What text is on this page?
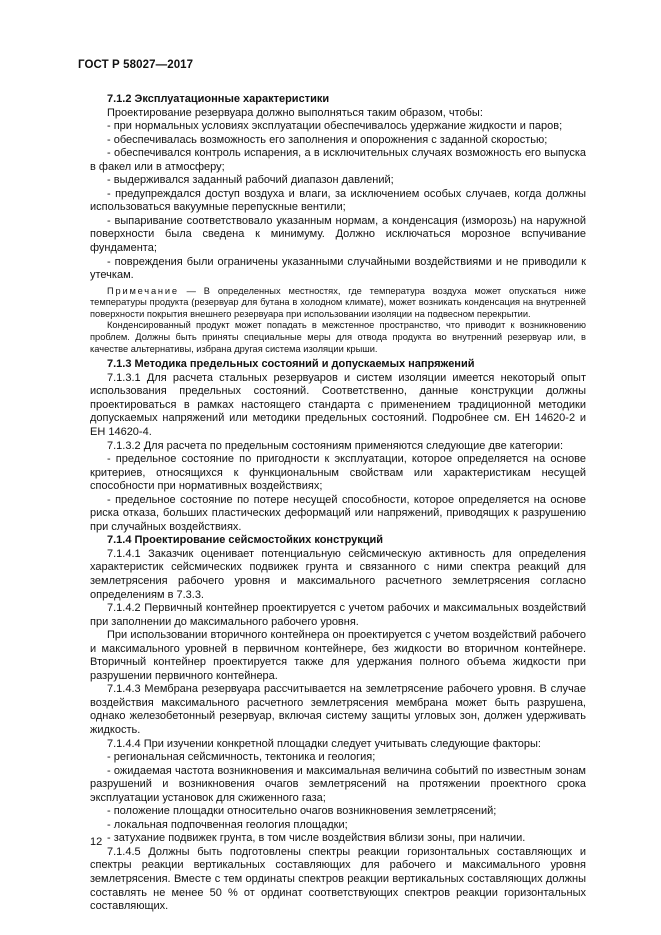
ГОСТ Р 58027—2017

7.1.2 Эксплуатационные характеристики

Проектирование резервуара должно выполняться таким образом, чтобы:

- при нормальных условиях эксплуатации обеспечивалось удержание жидкости и паров;

- обеспечивалась возможность его заполнения и опорожнения с заданной скоростью;

- обеспечивался контроль испарения, а в исключительных случаях возможность его выпуска в факел или в атмосферу;

- выдерживался заданный рабочий диапазон давлений;

- предупреждался доступ воздуха и влаги, за исключением особых случаев, когда должны использоваться вакуумные перепускные вентили;

- выпаривание соответствовало указанным нормам, а конденсация (изморозь) на наружной поверхности была сведена к минимуму. Должно исключаться морозное вспучивание фундамента;

- повреждения были ограничены указанными случайными воздействиями и не приводили к утечкам.

Примечание — В определенных местностях, где температура воздуха может опускаться ниже температуры продукта (резервуар для бутана в холодном климате), может возникать конденсация на внутренней поверхности покрытия внешнего резервуара при использовании изоляции на подвесном перекрытии.

Конденсированный продукт может попадать в межстенное пространство, что приводит к возникновению проблем. Должны быть приняты специальные меры для отвода продукта во внутренний резервуар или, в качестве альтернативы, избрана другая система изоляции крыши.

7.1.3 Методика предельных состояний и допускаемых напряжений

7.1.3.1 Для расчета стальных резервуаров и систем изоляции имеется некоторый опыт использования предельных состояний. Соответственно, данные конструкции должны проектироваться в рамках настоящего стандарта с применением традиционной методики допускаемых напряжений или методики предельных состояний. Подробнее см. ЕН 14620-2 и ЕН 14620-4.

7.1.3.2 Для расчета по предельным состояниям применяются следующие две категории:

- предельное состояние по пригодности к эксплуатации, которое определяется на основе критериев, относящихся к функциональным свойствам или характеристикам несущей способности при нормативных воздействиях;

- предельное состояние по потере несущей способности, которое определяется на основе риска отказа, больших пластических деформаций или напряжений, приводящих к разрушению при случайных воздействиях.

7.1.4 Проектирование сейсмостойких конструкций

7.1.4.1 Заказчик оценивает потенциальную сейсмическую активность для определения характеристик сейсмических подвижек грунта и связанного с ними спектра реакций для землетрясения рабочего уровня и максимального расчетного землетрясения согласно определениям в 7.3.3.

7.1.4.2 Первичный контейнер проектируется с учетом рабочих и максимальных воздействий при заполнении до максимального рабочего уровня.

При использовании вторичного контейнера он проектируется с учетом воздействий рабочего и максимального уровней в первичном контейнере, без жидкости во вторичном контейнере. Вторичный контейнер проектируется также для удержания полного объема жидкости при разрушении первичного контейнера.

7.1.4.3 Мембрана резервуара рассчитывается на землетрясение рабочего уровня. В случае воздействия максимального расчетного землетрясения мембрана может быть разрушена, однако железобетонный резервуар, включая систему защиты угловых зон, должен удерживать жидкость.

7.1.4.4 При изучении конкретной площадки следует учитывать следующие факторы:

- региональная сейсмичность, тектоника и геология;

- ожидаемая частота возникновения и максимальная величина событий по известным зонам разрушений и возникновения очагов землетрясений на протяжении проектного срока эксплуатации установок для сжиженного газа;

- положение площадки относительно очагов возникновения землетрясений;

- локальная подпочвенная геология площадки;

- затухание подвижек грунта, в том числе воздействия вблизи зоны, при наличии.

7.1.4.5 Должны быть подготовлены спектры реакции горизонтальных составляющих и спектры реакции вертикальных составляющих для рабочего и максимального уровня землетрясения. Вместе с тем ординаты спектров реакции вертикальных составляющих должны составлять не менее 50 % от ординат соответствующих спектров реакции горизонтальных составляющих.

12
